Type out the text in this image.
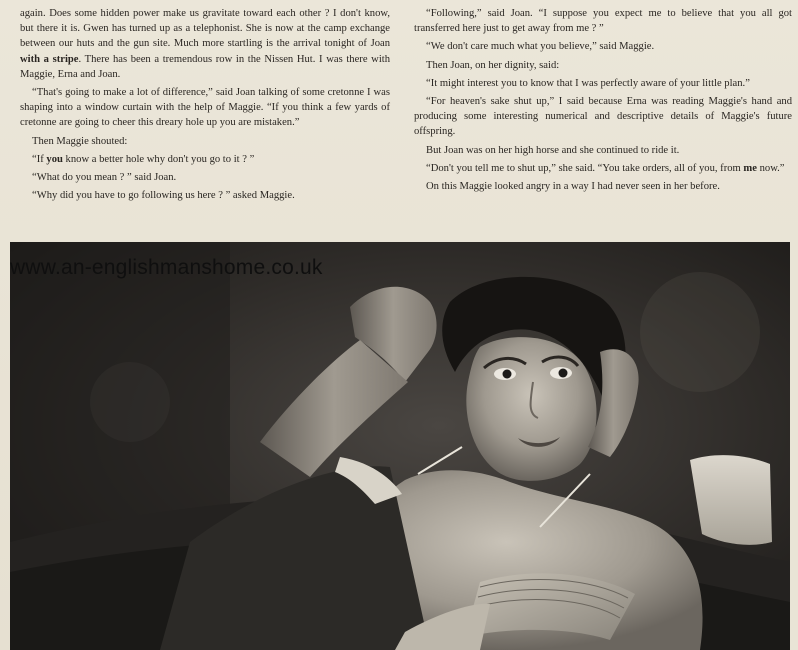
again. Does some hidden power make us gravitate toward each other ? I don't know, but there it is. Gwen has turned up as a telephonist. She is now at the camp exchange between our huts and the gun site. Much more startling is the arrival tonight of Joan with a stripe. There has been a tremendous row in the Nissen Hut. I was there with Maggie, Erna and Joan.

“That's going to make a lot of difference,” said Joan talking of some cretonne I was shaping into a window curtain with the help of Maggie. “If you think a few yards of cretonne are going to cheer this dreary hole up you are mistaken.”

Then Maggie shouted:

“If you know a better hole why don't you go to it ? ”

“What do you mean ? ” said Joan.

“Why did you have to go following us here ? ” asked Maggie.

“Following,” said Joan. “I suppose you expect me to believe that you all got transferred here just to get away from me ? ”

“We don't care much what you believe,” said Maggie.

Then Joan, on her dignity, said:

“It might interest you to know that I was perfectly aware of your little plan.”

“For heaven's sake shut up,” I said because Erna was reading Maggie's hand and producing some interesting numerical and descriptive details of Maggie's future offspring.

But Joan was on her high horse and she continued to ride it.

“Don't you tell me to shut up,” she said. “You take orders, all of you, from me now.”

On this Maggie looked angry in a way I had never seen in her before.

www.an-englishmanshome.co.uk
